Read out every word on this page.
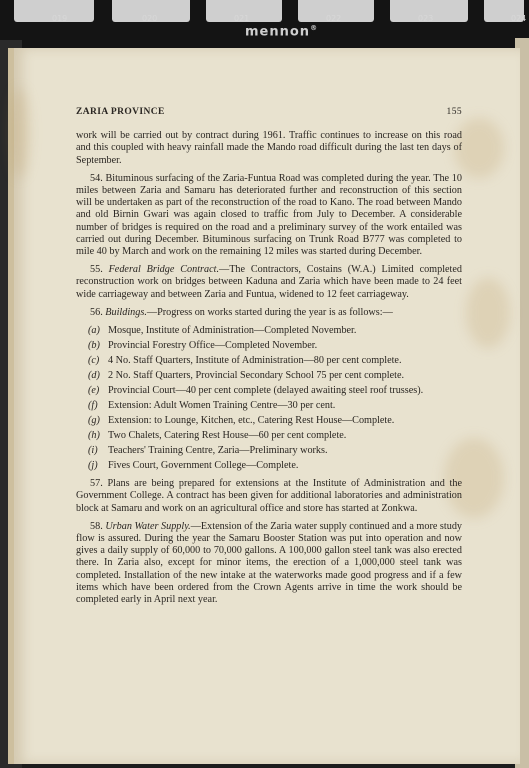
019	020	021	022	023	024
mennon®
ZARIA PROVINCE	155

work will be carried out by contract during 1961. Traffic continues to increase on this road and this coupled with heavy rainfall made the Mando road difficult during the last ten days of September.

54. Bituminous surfacing of the Zaria-Funtua Road was completed during the year. The 10 miles between Zaria and Samaru has deteriorated further and reconstruction of this section will be undertaken as part of the reconstruction of the road to Kano. The road between Mando and old Birnin Gwari was again closed to traffic from July to December. A considerable number of bridges is required on the road and a preliminary survey of the work entailed was carried out during December. Bituminous surfacing on Trunk Road B777 was completed to mile 40 by March and work on the remaining 12 miles was started during December.

55. Federal Bridge Contract.—The Contractors, Costains (W.A.) Limited completed reconstruction work on bridges between Kaduna and Zaria which have been made to 24 feet wide carriageway and between Zaria and Funtua, widened to 12 feet carriageway.

56. Buildings.—Progress on works started during the year is as follows:—

(a) Mosque, Institute of Administration—Completed November.
(b) Provincial Forestry Office—Completed November.
(c) 4 No. Staff Quarters, Institute of Administration—80 per cent complete.
(d) 2 No. Staff Quarters, Provincial Secondary School 75 per cent complete.
(e) Provincial Court—40 per cent complete (delayed awaiting steel roof trusses).
(f) Extension: Adult Women Training Centre—30 per cent.
(g) Extension: to Lounge, Kitchen, etc., Catering Rest House—Complete.
(h) Two Chalets, Catering Rest House—60 per cent complete.
(i) Teachers' Training Centre, Zaria—Preliminary works.
(j) Fives Court, Government College—Complete.

57. Plans are being prepared for extensions at the Institute of Administration and the Government College. A contract has been given for additional laboratories and administration block at Samaru and work on an agricultural office and store has started at Zonkwa.

58. Urban Water Supply.—Extension of the Zaria water supply continued and a more study flow is assured. During the year the Samaru Booster Station was put into operation and now gives a daily supply of 60,000 to 70,000 gallons. A 100,000 gallon steel tank was also erected there. In Zaria also, except for minor items, the erection of a 1,000,000 steel tank was completed. Installation of the new intake at the waterworks made good progress and if a few items which have been ordered from the Crown Agents arrive in time the work should be completed early in April next year.
